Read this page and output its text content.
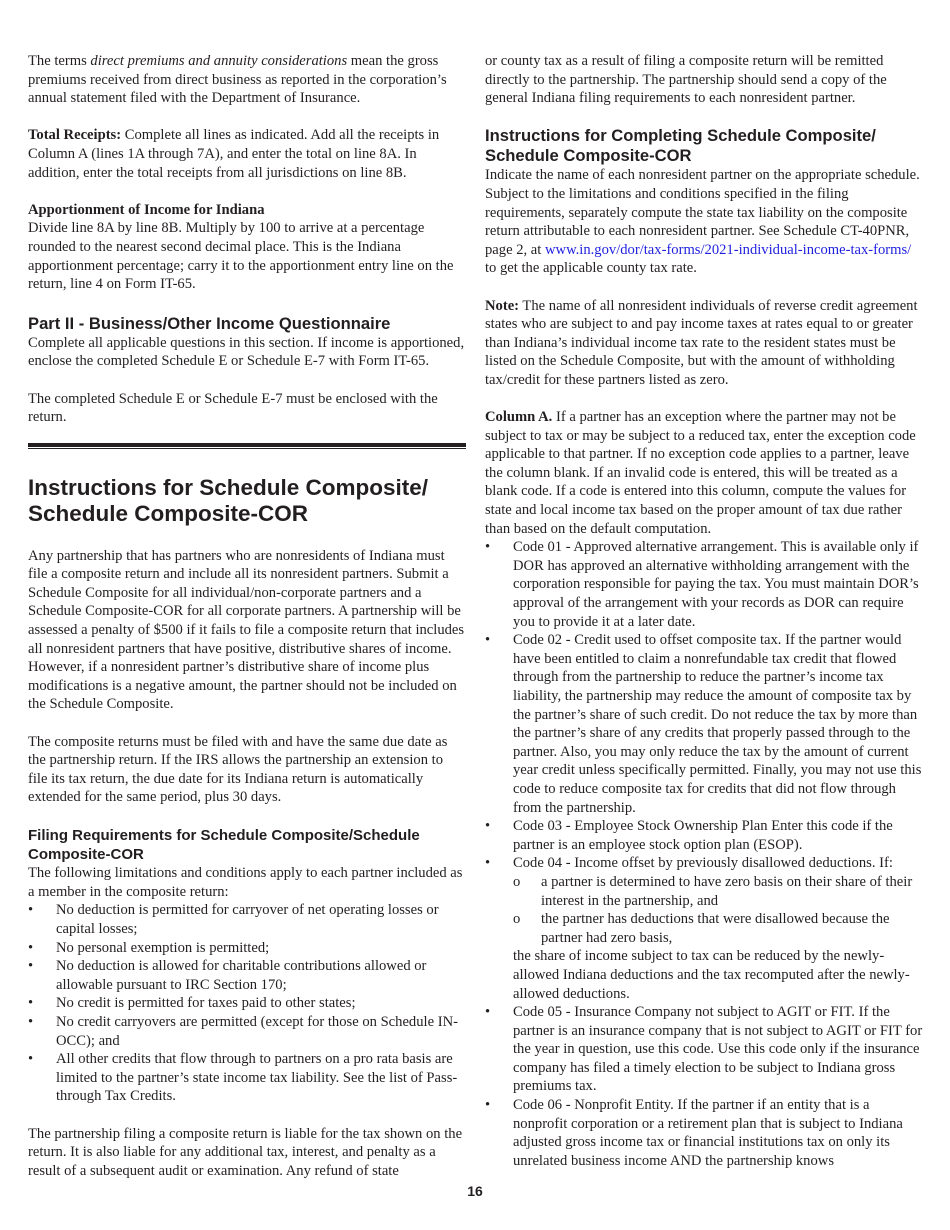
The terms direct premiums and annuity considerations mean the gross premiums received from direct business as reported in the corporation’s annual statement filed with the Department of Insurance.

Total Receipts: Complete all lines as indicated. Add all the receipts in Column A (lines 1A through 7A), and enter the total on line 8A. In addition, enter the total receipts from all jurisdictions on line 8B.

Apportionment of Income for Indiana

Divide line 8A by line 8B. Multiply by 100 to arrive at a percentage rounded to the nearest second decimal place. This is the Indiana apportionment percentage; carry it to the apportionment entry line on the return, line 4 on Form IT-65.

Part II - Business/Other Income Questionnaire

Complete all applicable questions in this section. If income is apportioned, enclose the completed Schedule E or Schedule E-7 with Form IT-65.

The completed Schedule E or Schedule E-7 must be enclosed with the return.

Instructions for Schedule Composite/ Schedule Composite-COR

Any partnership that has partners who are nonresidents of Indiana must file a composite return and include all its nonresident partners. Submit a Schedule Composite for all individual/non-corporate partners and a Schedule Composite-COR for all corporate partners. A partnership will be assessed a penalty of $500 if it fails to file a composite return that includes all nonresident partners that have positive, distributive shares of income. However, if a nonresident partner’s distributive share of income plus modifications is a negative amount, the partner should not be included on the Schedule Composite.

The composite returns must be filed with and have the same due date as the partnership return. If the IRS allows the partnership an extension to file its tax return, the due date for its Indiana return is automatically extended for the same period, plus 30 days.

Filing Requirements for Schedule Composite/Schedule Composite-COR

The following limitations and conditions apply to each partner included as a member in the composite return:

•	No deduction is permitted for carryover of net operating losses or capital losses;
•	No personal exemption is permitted;
•	No deduction is allowed for charitable contributions allowed or allowable pursuant to IRC Section 170;
•	No credit is permitted for taxes paid to other states;
•	No credit carryovers are permitted (except for those on Schedule IN-OCC); and
•	All other credits that flow through to partners on a pro rata basis are limited to the partner’s state income tax liability. See the list of Pass-through Tax Credits.

The partnership filing a composite return is liable for the tax shown on the return. It is also liable for any additional tax, interest, and penalty as a result of a subsequent audit or examination. Any refund of state

or county tax as a result of filing a composite return will be remitted directly to the partnership. The partnership should send a copy of the general Indiana filing requirements to each nonresident partner.

Instructions for Completing Schedule Composite/ Schedule Composite-COR

Indicate the name of each nonresident partner on the appropriate schedule. Subject to the limitations and conditions specified in the filing requirements, separately compute the state tax liability on the composite return attributable to each nonresident partner. See Schedule CT-40PNR, page 2, at www.in.gov/dor/tax-forms/2021-individual-income-tax-forms/ to get the applicable county tax rate.

Note: The name of all nonresident individuals of reverse credit agreement states who are subject to and pay income taxes at rates equal to or greater than Indiana’s individual income tax rate to the resident states must be listed on the Schedule Composite, but with the amount of withholding tax/credit for these partners listed as zero.

Column A. If a partner has an exception where the partner may not be subject to tax or may be subject to a reduced tax, enter the exception code applicable to that partner. If no exception code applies to a partner, leave the column blank. If an invalid code is entered, this will be treated as a blank code. If a code is entered into this column, compute the values for state and local income tax based on the proper amount of tax due rather than based on the default computation.

•	Code 01 - Approved alternative arrangement. This is available only if DOR has approved an alternative withholding arrangement with the corporation responsible for paying the tax. You must maintain DOR’s approval of the arrangement with your records as DOR can require you to provide it at a later date.
•	Code 02 - Credit used to offset composite tax. If the partner would have been entitled to claim a nonrefundable tax credit that flowed through from the partnership to reduce the partner’s income tax liability, the partnership may reduce the amount of composite tax by the partner’s share of such credit. Do not reduce the tax by more than the partner’s share of any credits that properly passed through to the partner. Also, you may only reduce the tax by the amount of current year credit unless specifically permitted. Finally, you may not use this code to reduce composite tax for credits that did not flow through from the partnership.
•	Code 03 - Employee Stock Ownership Plan Enter this code if the partner is an employee stock option plan (ESOP).
•	Code 04 - Income offset by previously disallowed deductions. If:
o a partner is determined to have zero basis on their share of their interest in the partnership, and
o the partner has deductions that were disallowed because the partner had zero basis,
the share of income subject to tax can be reduced by the newly-allowed Indiana deductions and the tax recomputed after the newly-allowed deductions.
•	Code 05 - Insurance Company not subject to AGIT or FIT. If the partner is an insurance company that is not subject to AGIT or FIT for the year in question, use this code. Use this code only if the insurance company has filed a timely election to be subject to Indiana gross premiums tax.
•	Code 06 - Nonprofit Entity. If the partner if an entity that is a nonprofit corporation or a retirement plan that is subject to Indiana adjusted gross income tax or financial institutions tax on only its unrelated business income AND the partnership knows
16
